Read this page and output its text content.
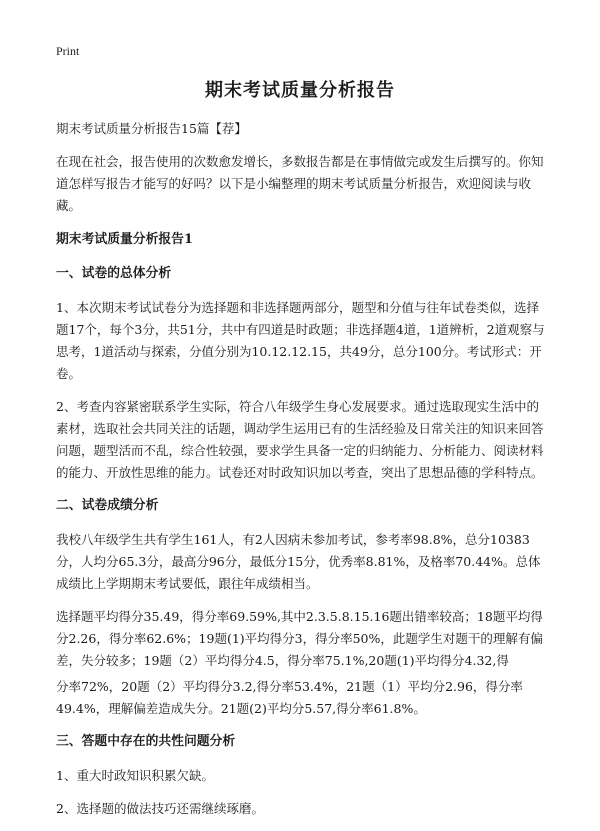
Print
期末考试质量分析报告

期末考试质量分析报告15篇【荐】

在现在社会，报告使用的次数愈发增长，多数报告都是在事情做完或发生后撰写的。你知道怎样写报告才能写的好吗？以下是小编整理的期末考试质量分析报告，欢迎阅读与收藏。

期末考试质量分析报告1

一、试卷的总体分析

1、本次期末考试试卷分为选择题和非选择题两部分，题型和分值与往年试卷类似，选择题17个，每个3分，共51分，共中有四道是时政题；非选择题4道，1道辨析，2道观察与思考，1道活动与探索，分值分别为10.12.12.15，共49分，总分100分。考试形式：开卷。

2、考查内容紧密联系学生实际，符合八年级学生身心发展要求。通过选取现实生活中的素材，选取社会共同关注的话题，调动学生运用已有的生活经验及日常关注的知识来回答问题，题型活而不乱，综合性较强，要求学生具备一定的归纳能力、分析能力、阅读材料的能力、开放性思维的能力。试卷还对时政知识加以考查，突出了思想品德的学科特点。

二、试卷成绩分析

我校八年级学生共有学生161人，有2人因病未参加考试，参考率98.8%，总分10383分，人均分65.3分，最高分96分，最低分15分，优秀率8.81%，及格率70.44%。总体成绩比上学期期末考试要低，跟往年成绩相当。

选择题平均得分35.49，得分率69.59%,其中2.3.5.8.15.16题出错率较高；18题平均得分2.26，得分率62.6%；19题(1)平均得分3，得分率50%，此题学生对题干的理解有偏差，失分较多；19题（2）平均得分4.5，得分率75.1%,20题(1)平均得分4.32,得

分率72%，20题（2）平均得分3.2,得分率53.4%，21题（1）平均分2.96，得分率49.4%，理解偏差造成失分。21题(2)平均分5.57,得分率61.8%。

三、答题中存在的共性问题分析

1、重大时政知识积累欠缺。

2、选择题的做法技巧还需继续琢磨。
